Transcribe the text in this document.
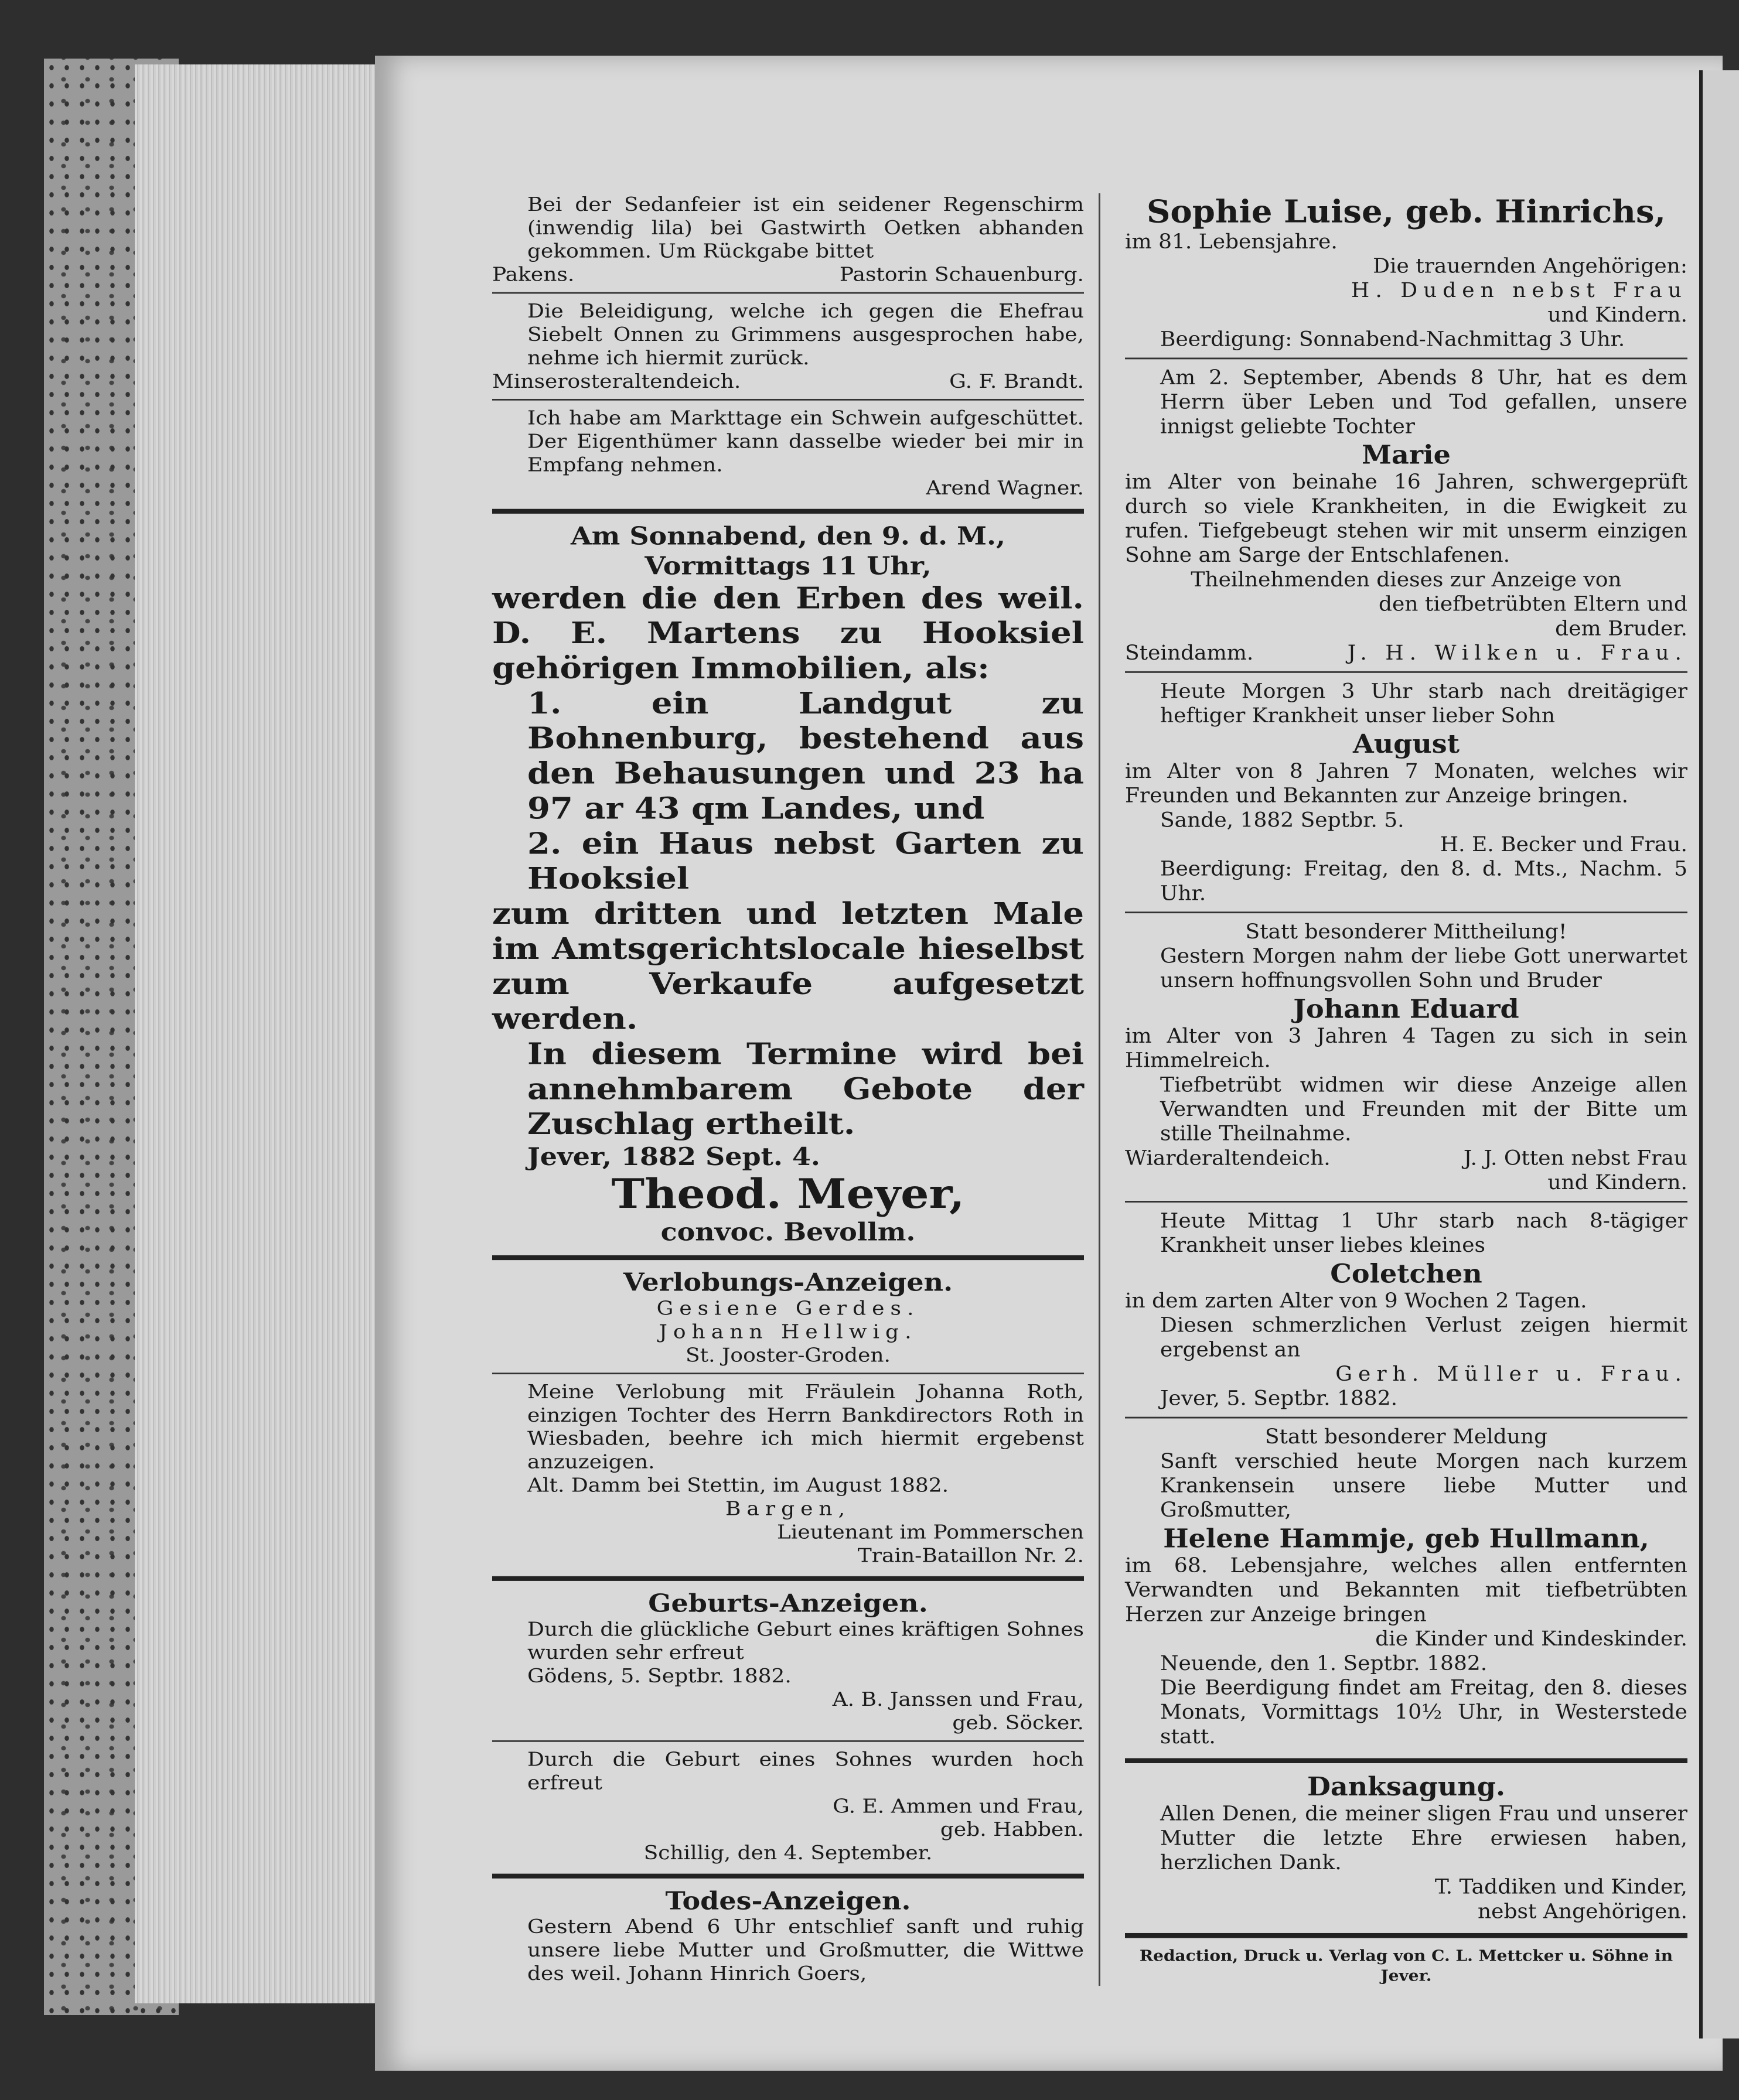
Bei der Sedanfeier ist ein seidener Regenschirm (inwendig lila) bei Gastwirth Oetken abhanden gekommen. Um Rückgabe bittet

Pakens.	Pastorin Schauenburg.

Die Beleidigung, welche ich gegen die Ehefrau Siebelt Onnen zu Grimmens ausgesprochen habe, nehme ich hiermit zurück.

Minserosteraltendeich.	G. F. Brandt.

Ich habe am Markttage ein Schwein aufgeschüttet. Der Eigenthümer kann dasselbe wieder bei mir in Empfang nehmen.

Arend Wagner.

Am Sonnabend, den 9. d. M.,

Vormittags 11 Uhr,

werden die den Erben des weil. D. E. Martens zu Hooksiel gehörigen Immobilien, als:

1. ein Landgut zu Bohnenburg, bestehend aus den Behausungen und 23 ha 97 ar 43 qm Landes, und

2. ein Haus nebst Garten zu Hooksiel

zum dritten und letzten Male im Amtsgerichtslocale hieselbst zum Verkaufe aufgesetzt werden.

In diesem Termine wird bei annehmbarem Gebote der Zuschlag ertheilt.

Jever, 1882 Sept. 4.

Theod. Meyer,

convoc. Bevollm.

Verlobungs-Anzeigen.

Gesiene Gerdes.

Johann Hellwig.

St. Jooster-Groden.

Meine Verlobung mit Fräulein Johanna Roth, einzigen Tochter des Herrn Bankdirectors Roth in Wiesbaden, beehre ich mich hiermit ergebenst anzuzeigen.

Alt. Damm bei Stettin, im August 1882.

Bargen,

Lieutenant im Pommerschen

Train-Bataillon Nr. 2.

Geburts-Anzeigen.

Durch die glückliche Geburt eines kräftigen Sohnes wurden sehr erfreut

Gödens, 5. Septbr. 1882.

A. B. Janssen und Frau,

geb. Söcker.

Durch die Geburt eines Sohnes wurden hoch erfreut

G. E. Ammen und Frau,

geb. Habben.

Schillig, den 4. September.

Todes-Anzeigen.

Gestern Abend 6 Uhr entschlief sanft und ruhig unsere liebe Mutter und Großmutter, die Wittwe des weil. Johann Hinrich Goers,

Sophie Luise, geb. Hinrichs,

im 81. Lebensjahre.

Die trauernden Angehörigen:

H. Duden nebst Frau

und Kindern.

Beerdigung: Sonnabend-Nachmittag 3 Uhr.

Am 2. September, Abends 8 Uhr, hat es dem Herrn über Leben und Tod gefallen, unsere innigst geliebte Tochter

Marie

im Alter von beinahe 16 Jahren, schwergeprüft durch so viele Krankheiten, in die Ewigkeit zu rufen. Tiefgebeugt stehen wir mit unserm einzigen Sohne am Sarge der Entschlafenen.

Theilnehmenden dieses zur Anzeige von

den tiefbetrübten Eltern und

dem Bruder.

Steindamm.	J. H. Wilken u. Frau.

Heute Morgen 3 Uhr starb nach dreitägiger heftiger Krankheit unser lieber Sohn

August

im Alter von 8 Jahren 7 Monaten, welches wir Freunden und Bekannten zur Anzeige bringen.

Sande, 1882 Septbr. 5.

H. E. Becker und Frau.

Beerdigung: Freitag, den 8. d. Mts., Nachm. 5 Uhr.

Statt besonderer Mittheilung!

Gestern Morgen nahm der liebe Gott unerwartet unsern hoffnungsvollen Sohn und Bruder

Johann Eduard

im Alter von 3 Jahren 4 Tagen zu sich in sein Himmelreich.

Tiefbetrübt widmen wir diese Anzeige allen Verwandten und Freunden mit der Bitte um stille Theilnahme.

Wiarderaltendeich.	J. J. Otten nebst Frau

und Kindern.

Heute Mittag 1 Uhr starb nach 8-tägiger Krankheit unser liebes kleines

Coletchen

in dem zarten Alter von 9 Wochen 2 Tagen.

Diesen schmerzlichen Verlust zeigen hiermit ergebenst an

Gerh. Müller u. Frau.

Jever, 5. Septbr. 1882.

Statt besonderer Meldung

Sanft verschied heute Morgen nach kurzem Krankensein unsere liebe Mutter und Großmutter,

Helene Hammje, geb Hullmann,

im 68. Lebensjahre, welches allen entfernten Verwandten und Bekannten mit tiefbetrübten Herzen zur Anzeige bringen

die Kinder und Kindeskinder.

Neuende, den 1. Septbr. 1882.

Die Beerdigung findet am Freitag, den 8. dieses Monats, Vormittags 10½ Uhr, in Westerstede statt.

Danksagung.

Allen Denen, die meiner sligen Frau und unserer Mutter die letzte Ehre erwiesen haben, herzlichen Dank.

T. Taddiken und Kinder,

nebst Angehörigen.

Redaction, Druck u. Verlag von C. L. Mettcker u. Söhne in Jever.
